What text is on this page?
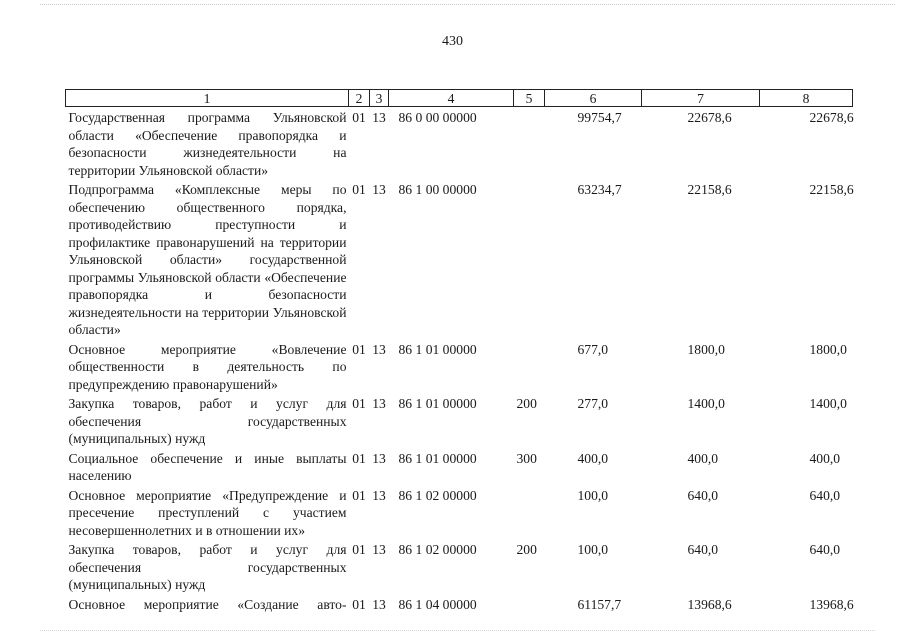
430
1	2	3	4	5	6	7	8
Государственная программа Ульяновской области «Обеспечение правопорядка и безопасности жизнедеятельности на территории Ульяновской области»	01	13	86 0 00 00000		99754,7	22678,6	22678,6
Подпрограмма «Комплексные меры по обеспечению общественного порядка, противодействию преступности и профилактике правонарушений на территории Ульяновской области» государственной программы Ульяновской области «Обеспечение правопорядка и безопасности жизнедеятельности на территории Ульяновской области»	01	13	86 1 00 00000		63234,7	22158,6	22158,6
Основное мероприятие «Вовлечение общественности в деятельность по предупреждению правонарушений»	01	13	86 1 01 00000		677,0	1800,0	1800,0
Закупка товаров, работ и услуг для обеспечения государственных (муниципальных) нужд	01	13	86 1 01 00000	200	277,0	1400,0	1400,0
Социальное обеспечение и иные выплаты населению	01	13	86 1 01 00000	300	400,0	400,0	400,0
Основное мероприятие «Предупреждение и пресечение преступлений с участием несовершеннолетних и в отношении их»	01	13	86 1 02 00000		100,0	640,0	640,0
Закупка товаров, работ и услуг для обеспечения государственных (муниципальных) нужд	01	13	86 1 02 00000	200	100,0	640,0	640,0
Основное мероприятие «Создание авто-	01	13	86 1 04 00000		61157,7	13968,6	13968,6
